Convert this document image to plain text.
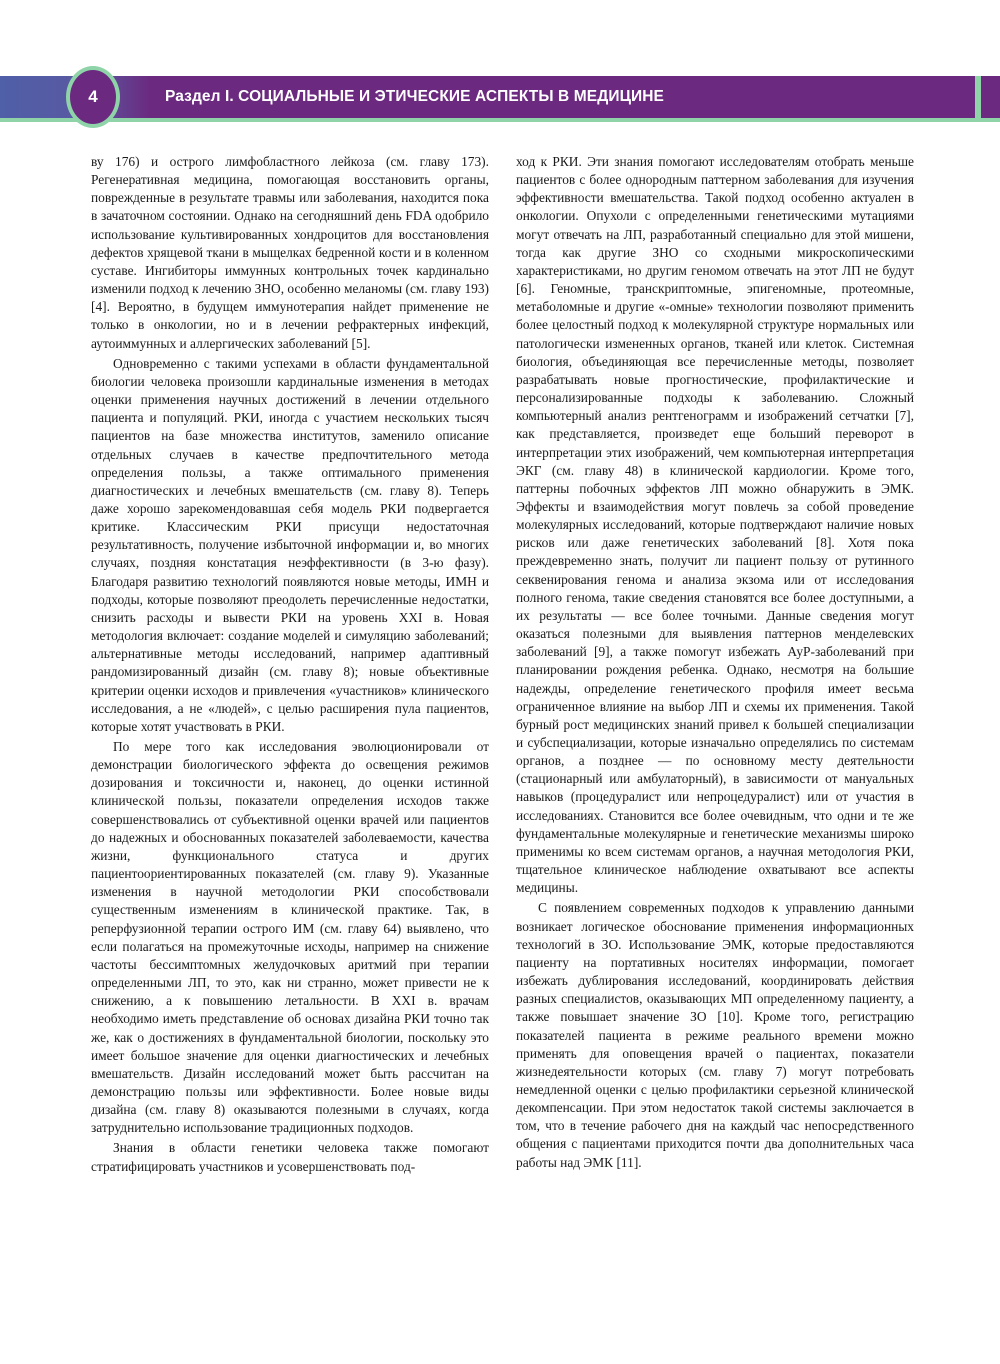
4	Раздел I. СОЦИАЛЬНЫЕ И ЭТИЧЕСКИЕ АСПЕКТЫ В МЕДИЦИНЕ

ву 176) и острого лимфобластного лейкоза (см. главу 173). Регенеративная медицина, помогающая восстановить органы, поврежденные в результате травмы или заболевания, находится пока в зачаточном состоянии. Однако на сегодняшний день FDA одобрило использование культивированных хондроцитов для восстановления дефектов хрящевой ткани в мыщелках бедренной кости и в коленном суставе. Ингибиторы иммунных контрольных точек кардинально изменили подход к лечению ЗНО, особенно меланомы (см. главу 193) [4]. Вероятно, в будущем иммунотерапия найдет применение не только в онкологии, но и в лечении рефрактерных инфекций, аутоиммунных и аллергических заболеваний [5].

Одновременно с такими успехами в области фундаментальной биологии человека произошли кардинальные изменения в методах оценки применения научных достижений в лечении отдельного пациента и популяций. РКИ, иногда с участием нескольких тысяч пациентов на базе множества институтов, заменило описание отдельных случаев в качестве предпочтительного метода определения пользы, а также оптимального применения диагностических и лечебных вмешательств (см. главу 8). Теперь даже хорошо зарекомендовавшая себя модель РКИ подвергается критике. Классическим РКИ присущи недостаточная результативность, получение избыточной информации и, во многих случаях, поздняя констатация неэффективности (в 3-ю фазу). Благодаря развитию технологий появляются новые методы, ИМН и подходы, которые позволяют преодолеть перечисленные недостатки, снизить расходы и вывести РКИ на уровень XXI в. Новая методология включает: создание моделей и симуляцию заболеваний; альтернативные методы исследований, например адаптивный рандомизированный дизайн (см. главу 8); новые объективные критерии оценки исходов и привлечения «участников» клинического исследования, а не «людей», с целью расширения пула пациентов, которые хотят участвовать в РКИ.

По мере того как исследования эволюционировали от демонстрации биологического эффекта до освещения режимов дозирования и токсичности и, наконец, до оценки истинной клинической пользы, показатели определения исходов также совершенствовались от субъективной оценки врачей или пациентов до надежных и обоснованных показателей заболеваемости, качества жизни, функционального статуса и других пациентоориентированных показателей (см. главу 9). Указанные изменения в научной методологии РКИ способствовали существенным изменениям в клинической практике. Так, в реперфузионной терапии острого ИМ (см. главу 64) выявлено, что если полагаться на промежуточные исходы, например на снижение частоты бессимптомных желудочковых аритмий при терапии определенными ЛП, то это, как ни странно, может привести не к снижению, а к повышению летальности. В XXI в. врачам необходимо иметь представление об основах дизайна РКИ точно так же, как о достижениях в фундаментальной биологии, поскольку это имеет большое значение для оценки диагностических и лечебных вмешательств. Дизайн исследований может быть рассчитан на демонстрацию пользы или эффективности. Более новые виды дизайна (см. главу 8) оказываются полезными в случаях, когда затруднительно использование традиционных подходов.

Знания в области генетики человека также помогают стратифицировать участников и усовершенствовать под-

ход к РКИ. Эти знания помогают исследователям отобрать меньше пациентов с более однородным паттерном заболевания для изучения эффективности вмешательства. Такой подход особенно актуален в онкологии. Опухоли с определенными генетическими мутациями могут отвечать на ЛП, разработанный специально для этой мишени, тогда как другие ЗНО со сходными микроскопическими характеристиками, но другим геномом отвечать на этот ЛП не будут [6]. Геномные, транскриптомные, эпигеномные, протеомные, метаболомные и другие «-омные» технологии позволяют применить более целостный подход к молекулярной структуре нормальных или патологически измененных органов, тканей или клеток. Системная биология, объединяющая все перечисленные методы, позволяет разрабатывать новые прогностические, профилактические и персонализированные подходы к заболеванию. Сложный компьютерный анализ рентгенограмм и изображений сетчатки [7], как представляется, произведет еще больший переворот в интерпретации этих изображений, чем компьютерная интерпретация ЭКГ (см. главу 48) в клинической кардиологии. Кроме того, паттерны побочных эффектов ЛП можно обнаружить в ЭМК. Эффекты и взаимодействия могут повлечь за собой проведение молекулярных исследований, которые подтверждают наличие новых рисков или даже генетических заболеваний [8]. Хотя пока преждевременно знать, получит ли пациент пользу от рутинного секвенирования генома и анализа экзома или от исследования полного генома, такие сведения становятся все более доступными, а их результаты — все более точными. Данные сведения могут оказаться полезными для выявления паттернов менделевских заболеваний [9], а также помогут избежать АуР-заболеваний при планировании рождения ребенка. Однако, несмотря на большие надежды, определение генетического профиля имеет весьма ограниченное влияние на выбор ЛП и схемы их применения. Такой бурный рост медицинских знаний привел к большей специализации и субспециализации, которые изначально определялись по системам органов, а позднее — по основному месту деятельности (стационарный или амбулаторный), в зависимости от мануальных навыков (процедуралист или непроцедуралист) или от участия в исследованиях. Становится все более очевидным, что одни и те же фундаментальные молекулярные и генетические механизмы широко применимы ко всем системам органов, а научная методология РКИ, тщательное клиническое наблюдение охватывают все аспекты медицины.

С появлением современных подходов к управлению данными возникает логическое обоснование применения информационных технологий в ЗО. Использование ЭМК, которые предоставляются пациенту на портативных носителях информации, помогает избежать дублирования исследований, координировать действия разных специалистов, оказывающих МП определенному пациенту, а также повышает значение ЗО [10]. Кроме того, регистрацию показателей пациента в режиме реального времени можно применять для оповещения врачей о пациентах, показатели жизнедеятельности которых (см. главу 7) могут потребовать немедленной оценки с целью профилактики серьезной клинической декомпенсации. При этом недостаток такой системы заключается в том, что в течение рабочего дня на каждый час непосредственного общения с пациентами приходится почти два дополнительных часа работы над ЭМК [11].
